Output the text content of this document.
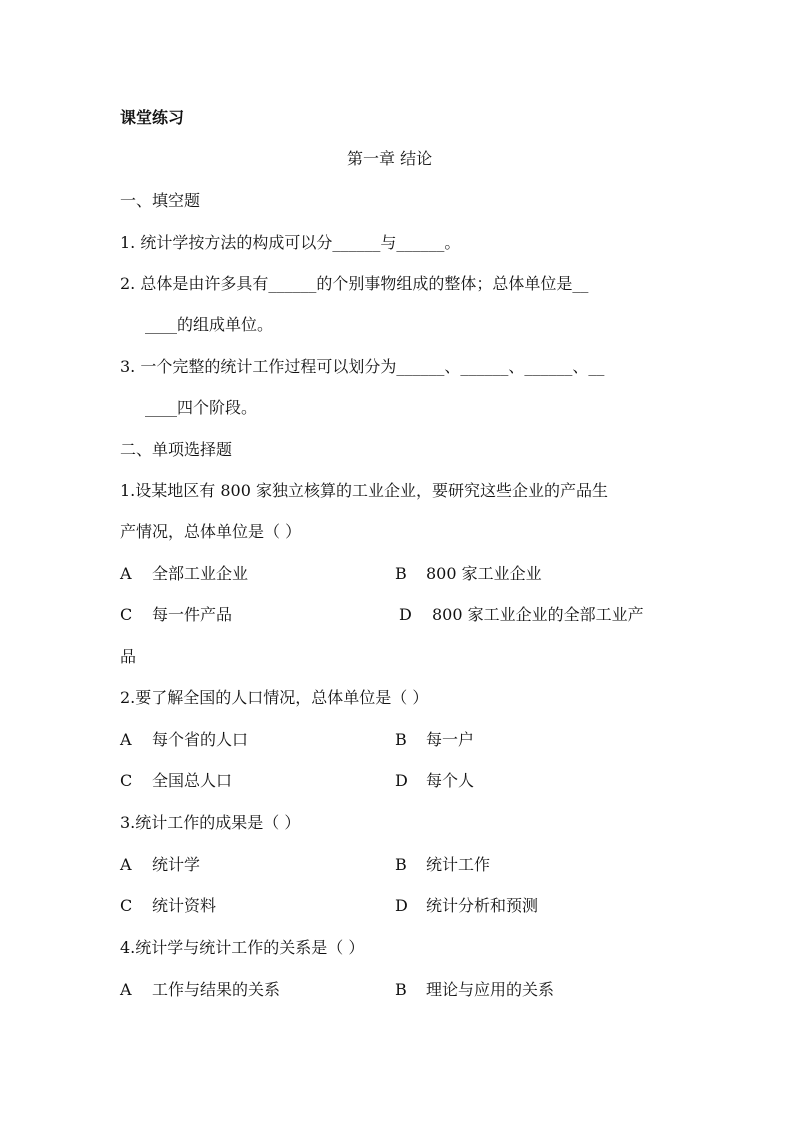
课堂练习
第一章 结论
一、填空题
1. 统计学按方法的构成可以分______与______。
2. 总体是由许多具有______的个别事物组成的整体；总体单位是__
____的组成单位。
3. 一个完整的统计工作过程可以划分为______、______、______、__
____四个阶段。
二、单项选择题
1.设某地区有 800 家独立核算的工业企业，要研究这些企业的产品生
产情况，总体单位是（ ）
A 全部工业企业	B 800 家工业企业
C 每一件产品	D 800 家工业企业的全部工业产
品
2.要了解全国的人口情况，总体单位是（ ）
A 每个省的人口	B 每一户
C 全国总人口	D 每个人
3.统计工作的成果是（ ）
A 统计学	B 统计工作
C 统计资料	D 统计分析和预测
4.统计学与统计工作的关系是（ ）
A 工作与结果的关系	B 理论与应用的关系
